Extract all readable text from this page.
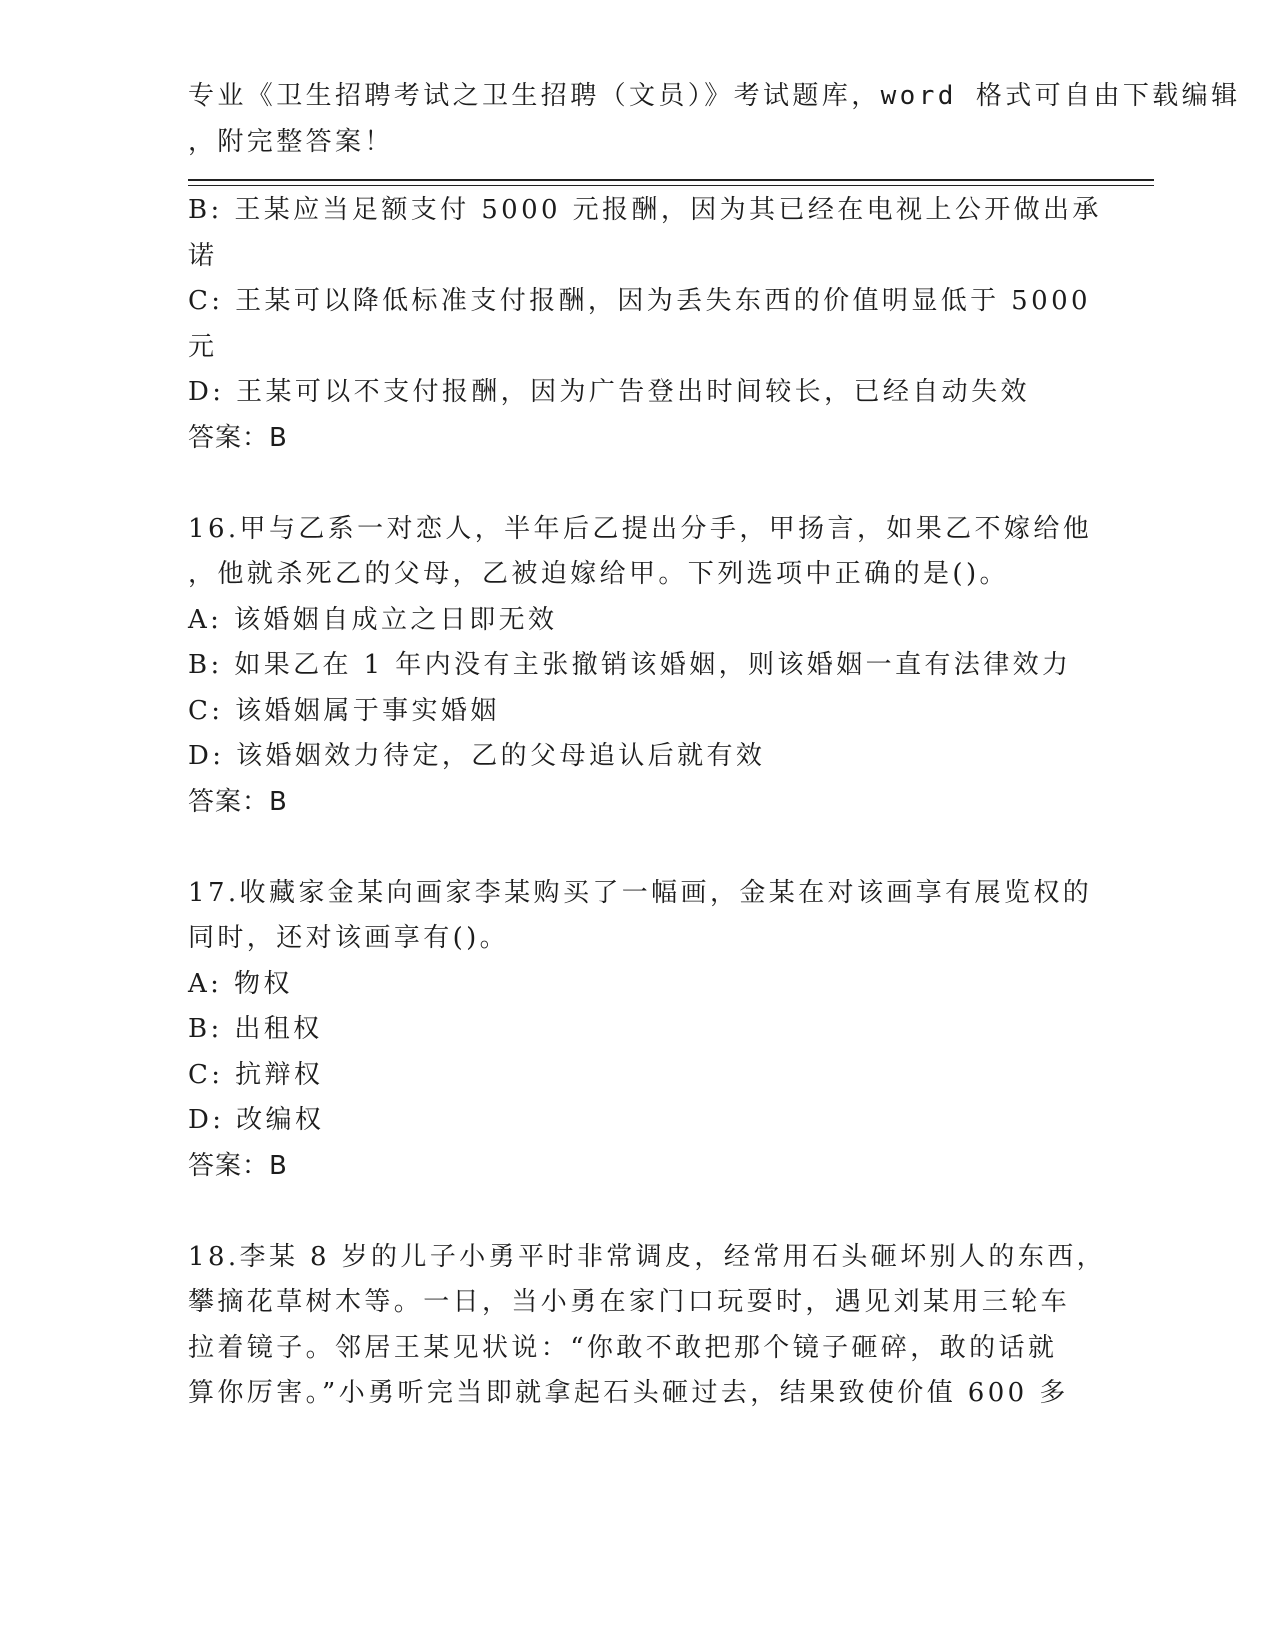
专业《卫生招聘考试之卫生招聘（文员）》考试题库，word 格式可自由下载编辑
，附完整答案！
B: 王某应当足额支付 5000 元报酬，因为其已经在电视上公开做出承
诺
C: 王某可以降低标准支付报酬，因为丢失东西的价值明显低于 5000
元
D: 王某可以不支付报酬，因为广告登出时间较长，已经自动失效
答案：B
16.甲与乙系一对恋人，半年后乙提出分手，甲扬言，如果乙不嫁给他
，他就杀死乙的父母，乙被迫嫁给甲。下列选项中正确的是()。
A: 该婚姻自成立之日即无效
B: 如果乙在 1 年内没有主张撤销该婚姻，则该婚姻一直有法律效力
C: 该婚姻属于事实婚姻
D: 该婚姻效力待定，乙的父母追认后就有效
答案：B
17.收藏家金某向画家李某购买了一幅画，金某在对该画享有展览权的
同时，还对该画享有()。
A: 物权
B: 出租权
C: 抗辩权
D: 改编权
答案：B
18.李某 8 岁的儿子小勇平时非常调皮，经常用石头砸坏别人的东西，
攀摘花草树木等。一日，当小勇在家门口玩耍时，遇见刘某用三轮车
拉着镜子。邻居王某见状说：“你敢不敢把那个镜子砸碎，敢的话就
算你厉害。”小勇听完当即就拿起石头砸过去，结果致使价值 600 多
